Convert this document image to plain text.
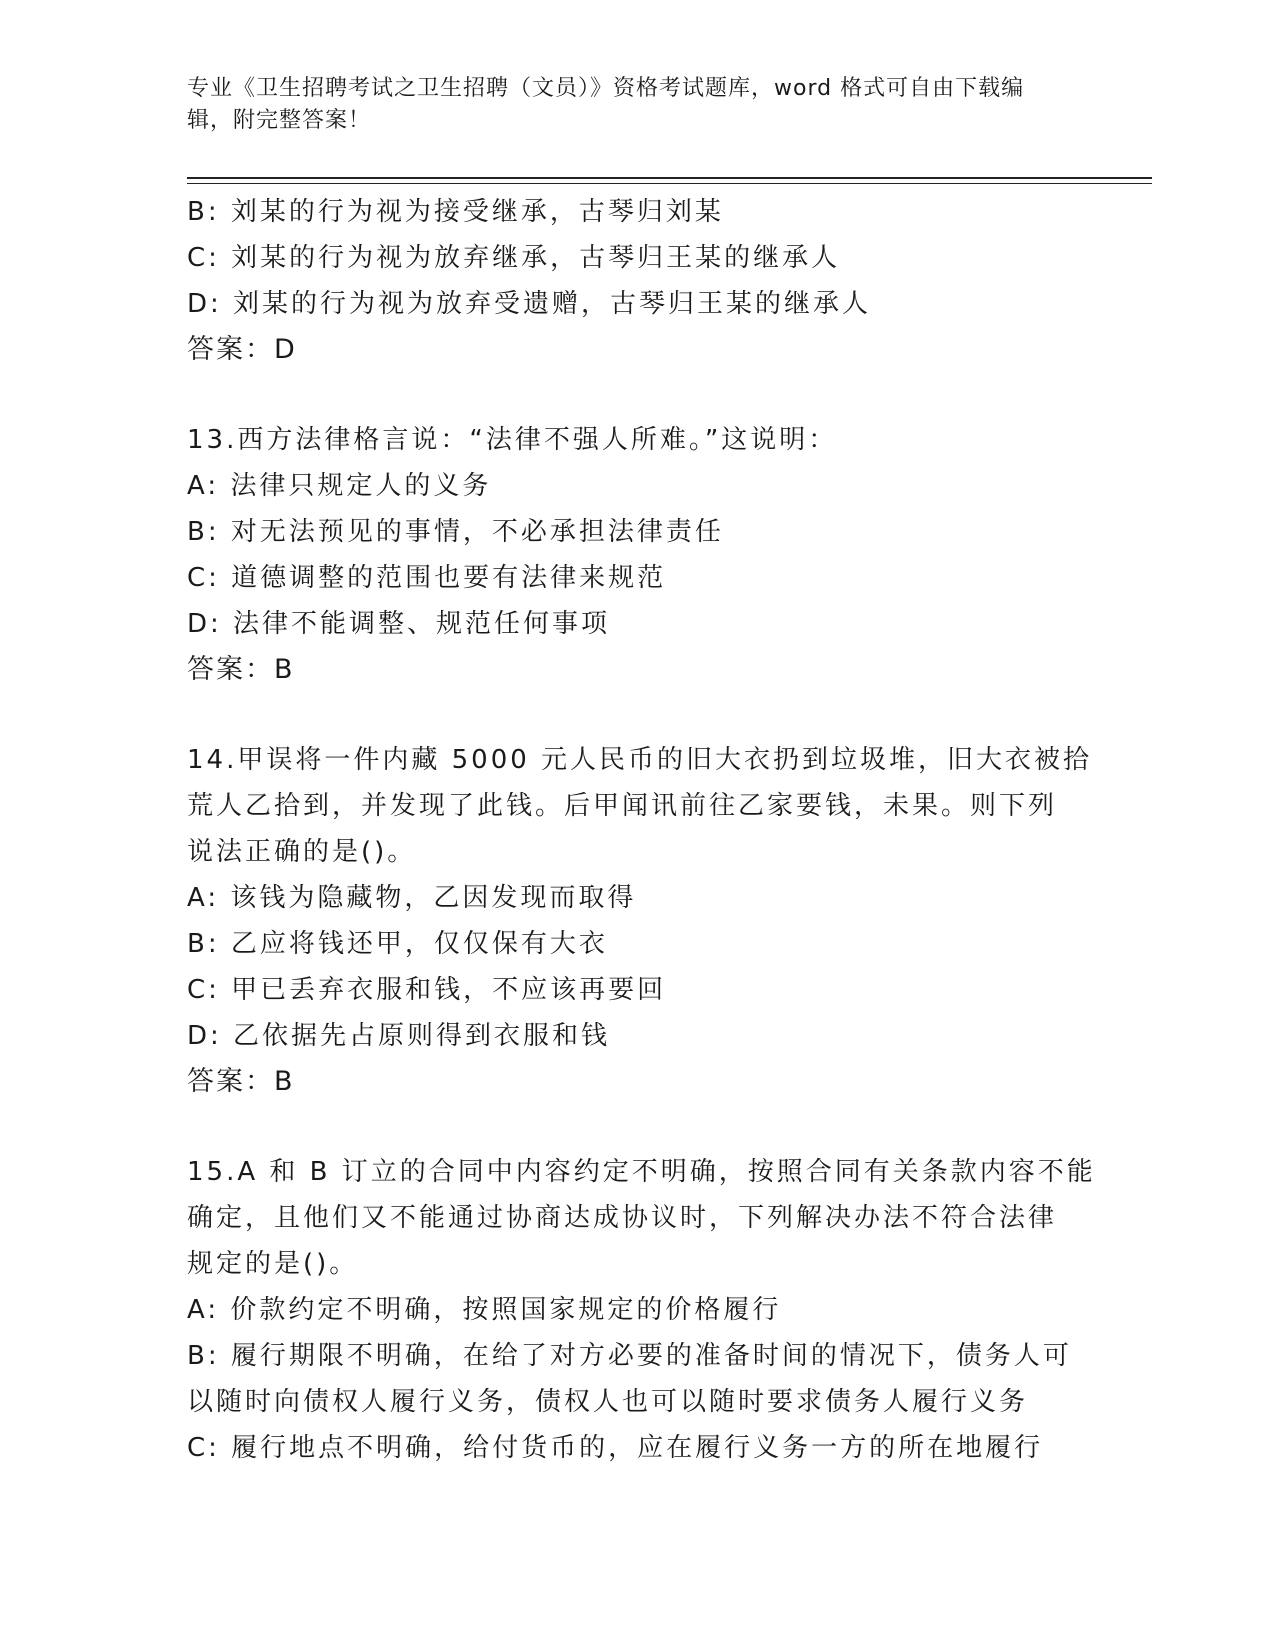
专业《卫生招聘考试之卫生招聘（文员）》资格考试题库，word 格式可自由下载编辑，附完整答案！
B: 刘某的行为视为接受继承，古琴归刘某
C: 刘某的行为视为放弃继承，古琴归王某的继承人
D: 刘某的行为视为放弃受遗赠，古琴归王某的继承人
答案：D
13.西方法律格言说：“法律不强人所难。”这说明：
A: 法律只规定人的义务
B: 对无法预见的事情，不必承担法律责任
C: 道德调整的范围也要有法律来规范
D: 法律不能调整、规范任何事项
答案：B
14.甲误将一件内藏 5000 元人民币的旧大衣扔到垃圾堆，旧大衣被拾
荒人乙拾到，并发现了此钱。后甲闻讯前往乙家要钱，未果。则下列
说法正确的是()。
A: 该钱为隐藏物，乙因发现而取得
B: 乙应将钱还甲，仅仅保有大衣
C: 甲已丢弃衣服和钱，不应该再要回
D: 乙依据先占原则得到衣服和钱
答案：B
15.A 和 B 订立的合同中内容约定不明确，按照合同有关条款内容不能
确定，且他们又不能通过协商达成协议时，下列解决办法不符合法律
规定的是()。
A: 价款约定不明确，按照国家规定的价格履行
B: 履行期限不明确，在给了对方必要的准备时间的情况下，债务人可
以随时向债权人履行义务，债权人也可以随时要求债务人履行义务
C: 履行地点不明确，给付货币的，应在履行义务一方的所在地履行
